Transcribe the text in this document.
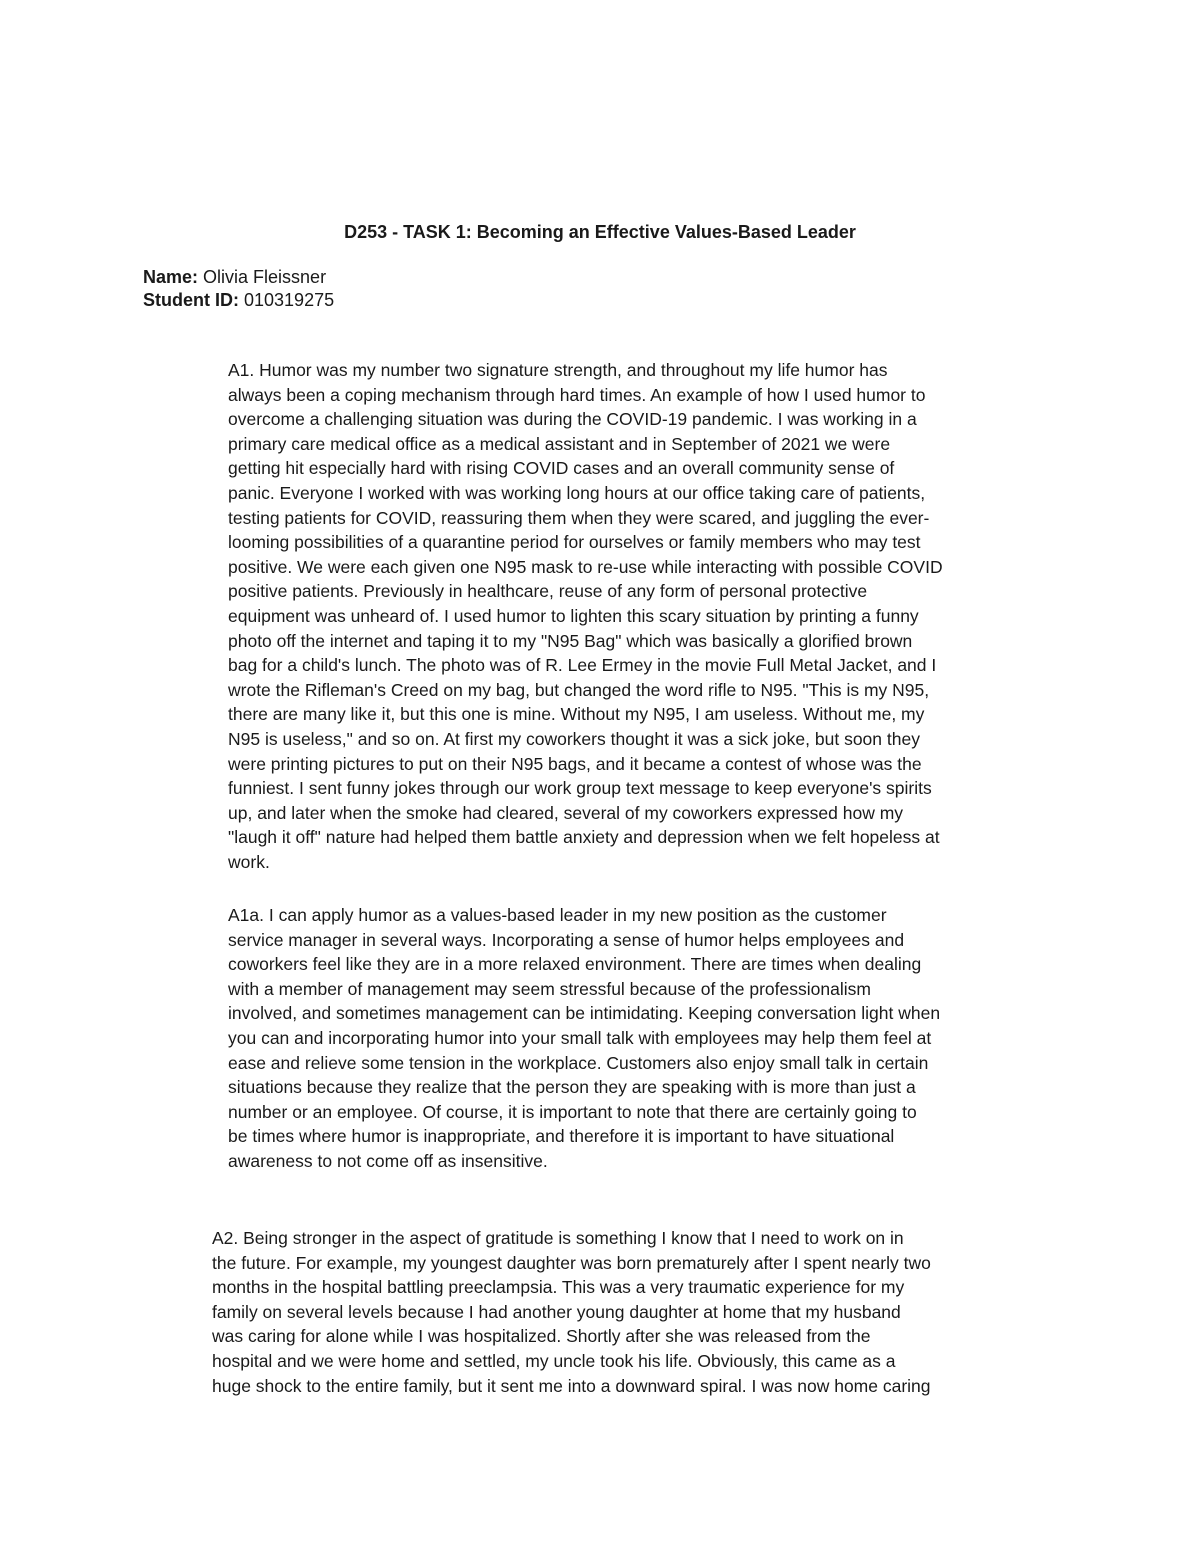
D253 - TASK 1: Becoming an Effective Values-Based Leader

Name: Olivia Fleissner

Student ID: 010319275

A1. Humor was my number two signature strength, and throughout my life humor has
always been a coping mechanism through hard times. An example of how I used humor to
overcome a challenging situation was during the COVID-19 pandemic. I was working in a
primary care medical office as a medical assistant and in September of 2021 we were
getting hit especially hard with rising COVID cases and an overall community sense of
panic. Everyone I worked with was working long hours at our office taking care of patients,
testing patients for COVID, reassuring them when they were scared, and juggling the ever-
looming possibilities of a quarantine period for ourselves or family members who may test
positive. We were each given one N95 mask to re-use while interacting with possible COVID
positive patients. Previously in healthcare, reuse of any form of personal protective
equipment was unheard of. I used humor to lighten this scary situation by printing a funny
photo off the internet and taping it to my "N95 Bag" which was basically a glorified brown
bag for a child's lunch. The photo was of R. Lee Ermey in the movie Full Metal Jacket, and I
wrote the Rifleman's Creed on my bag, but changed the word rifle to N95. "This is my N95,
there are many like it, but this one is mine. Without my N95, I am useless. Without me, my
N95 is useless," and so on. At first my coworkers thought it was a sick joke, but soon they
were printing pictures to put on their N95 bags, and it became a contest of whose was the
funniest. I sent funny jokes through our work group text message to keep everyone's spirits
up, and later when the smoke had cleared, several of my coworkers expressed how my
"laugh it off" nature had helped them battle anxiety and depression when we felt hopeless at
work.
A1a. I can apply humor as a values-based leader in my new position as the customer
service manager in several ways. Incorporating a sense of humor helps employees and
coworkers feel like they are in a more relaxed environment. There are times when dealing
with a member of management may seem stressful because of the professionalism
involved, and sometimes management can be intimidating. Keeping conversation light when
you can and incorporating humor into your small talk with employees may help them feel at
ease and relieve some tension in the workplace. Customers also enjoy small talk in certain
situations because they realize that the person they are speaking with is more than just a
number or an employee. Of course, it is important to note that there are certainly going to
be times where humor is inappropriate, and therefore it is important to have situational
awareness to not come off as insensitive.
A2. Being stronger in the aspect of gratitude is something I know that I need to work on in
the future. For example, my youngest daughter was born prematurely after I spent nearly two
months in the hospital battling preeclampsia. This was a very traumatic experience for my
family on several levels because I had another young daughter at home that my husband
was caring for alone while I was hospitalized. Shortly after she was released from the
hospital and we were home and settled, my uncle took his life. Obviously, this came as a
huge shock to the entire family, but it sent me into a downward spiral. I was now home caring
